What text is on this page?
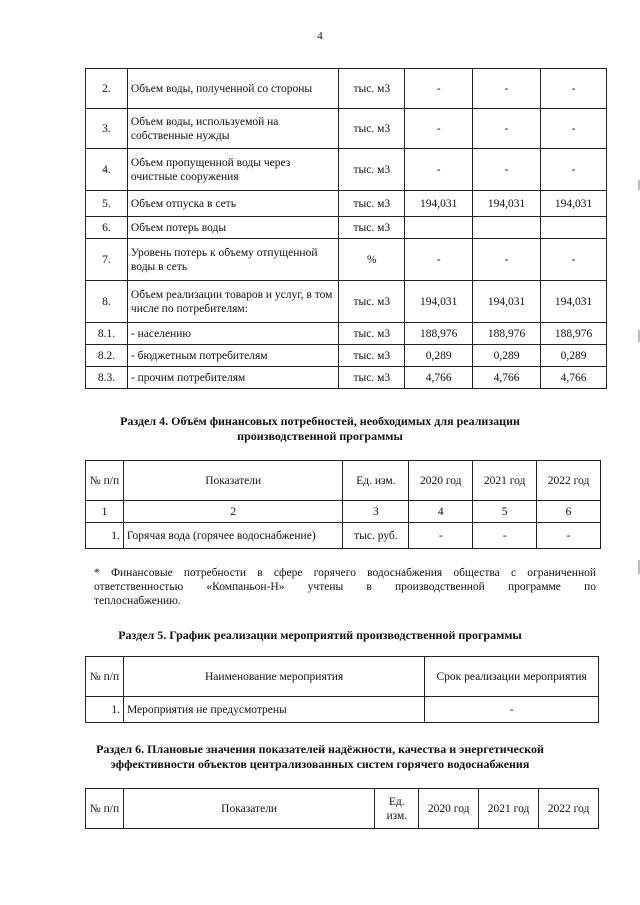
4
2.	Объем воды, полученной со стороны	тыс. м3	-	-	-
3.	Объем воды, используемой на собственные нужды	тыс. м3	-	-	-
4.	Объем пропущенной воды через очистные сооружения	тыс. м3	-	-	-
5.	Объем отпуска в сеть	тыс. м3	194,031	194,031	194,031
6.	Объем потерь воды	тыс. м3			
7.	Уровень потерь к объему отпущенной воды в сеть	%	-	-	-
8.	Объем реализации товаров и услуг, в том числе по потребителям:	тыс. м3	194,031	194,031	194,031
8.1.	- населению	тыс. м3	188,976	188,976	188,976
8.2.	- бюджетным потребителям	тыс. м3	0,289	0,289	0,289
8.3.	- прочим потребителям	тыс. м3	4,766	4,766	4,766
Раздел 4. Объём финансовых потребностей, необходимых для реализации
производственной программы
№ п/п	Показатели	Ед. изм.	2020 год	2021 год	2022 год
1	2	3	4	5	6
1.	Горячая вода (горячее водоснабжение)	тыс. руб.	-	-	-
* Финансовые потребности в сфере горячего водоснабжения общества с ограниченной
ответственностью «Компаньон-Н» учтены в производственной программе по
теплоснабжению.
Раздел 5. График реализации мероприятий производственной программы
№ п/п	Наименование мероприятия	Срок реализации мероприятия
1.	Мероприятия не предусмотрены	-
Раздел 6. Плановые значения показателей надёжности, качества и энергетической
эффективности объектов централизованных систем горячего водоснабжения
№ п/п	Показатели	Ед. изм.	2020 год	2021 год	2022 год
